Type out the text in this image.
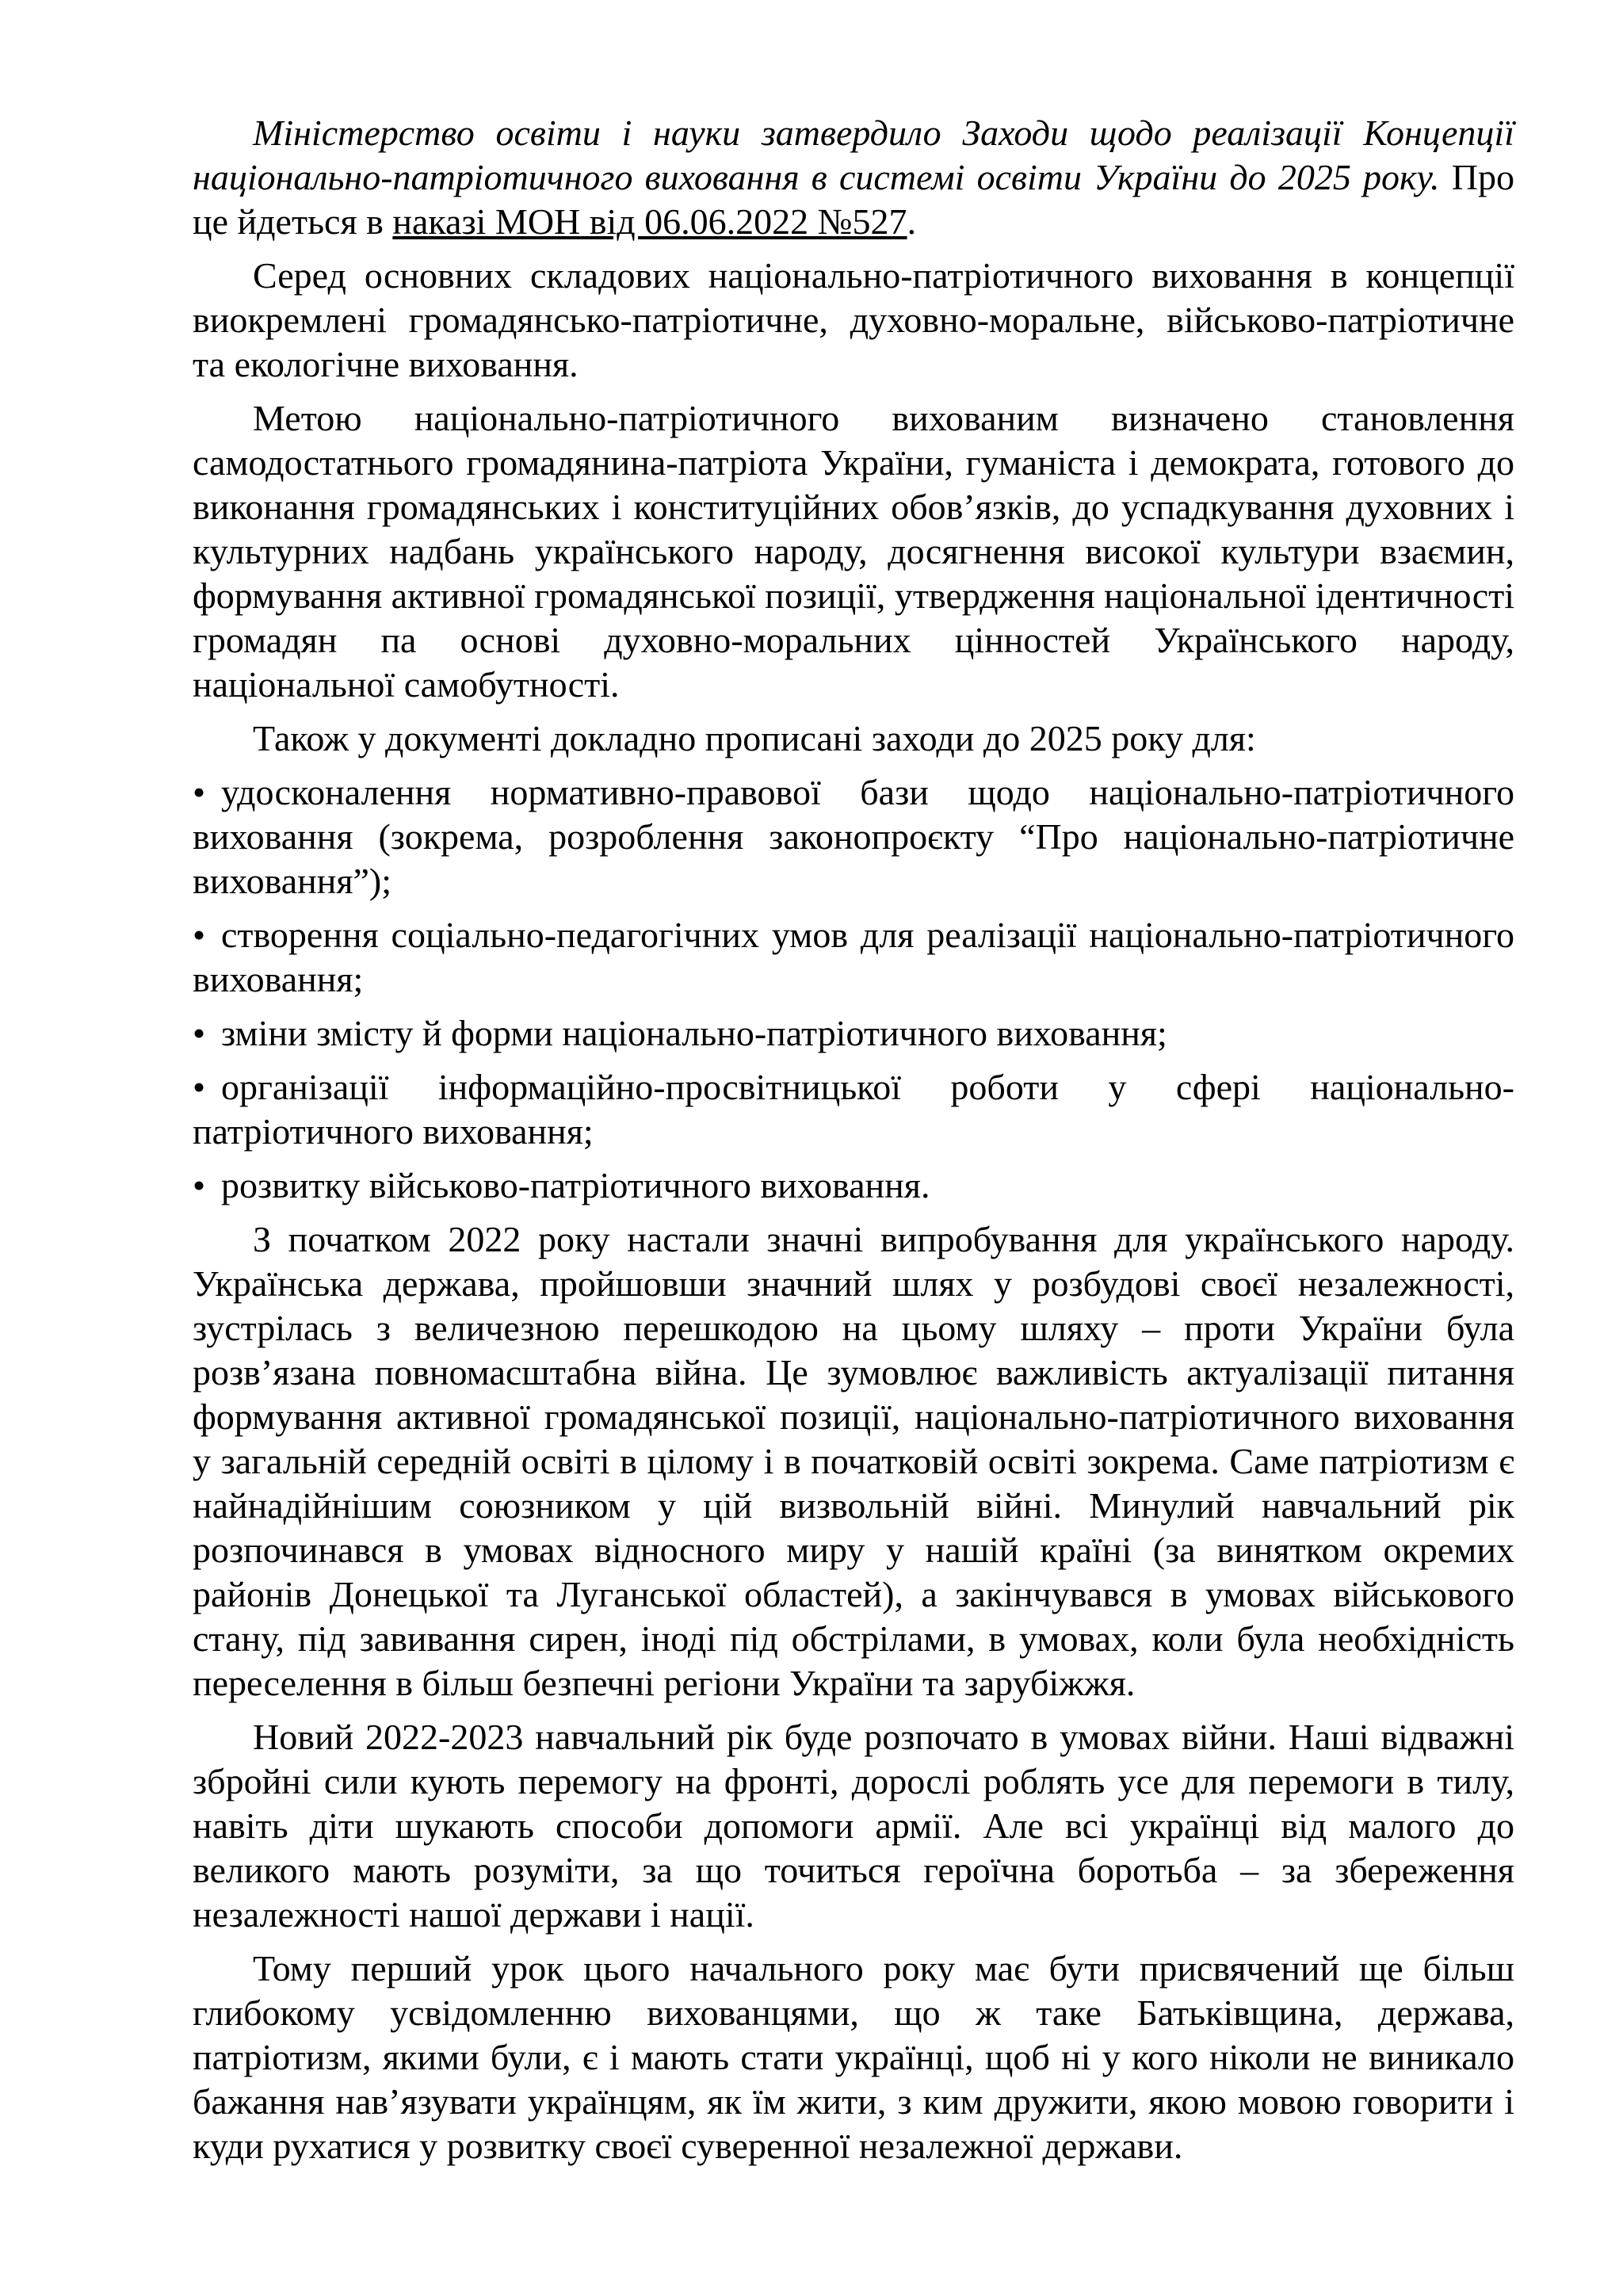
Міністерство освіти і науки затвердило Заходи щодо реалізації Концепції національно-патріотичного виховання в системі освіти України до 2025 року. Про це йдеться в наказі МОН від 06.06.2022 №527.

Серед основних складових національно-патріотичного виховання в концепції виокремлені громадянсько-патріотичне, духовно-моральне, військово-патріотичне та екологічне виховання.

Метою національно-патріотичного вихованим визначено становлення самодостатнього громадянина-патріота України, гуманіста і демократа, готового до виконання громадянських і конституційних обов’язків, до успадкування духовних і культурних надбань українського народу, досягнення високої культури взаємин, формування активної громадянської позиції, утвердження національної ідентичності громадян па основі духовно-моральних цінностей Українського народу, національної самобутності.

Також у документі докладно прописані заходи до 2025 року для:

• удосконалення нормативно-правової бази щодо національно-патріотичного виховання (зокрема, розроблення законопроєкту “Про національно-патріотичне виховання”);

• створення соціально-педагогічних умов для реалізації національно-патріотичного виховання;

• зміни змісту й форми національно-патріотичного виховання;

• організації інформаційно-просвітницької роботи у сфері національно-патріотичного виховання;

• розвитку військово-патріотичного виховання.

З початком 2022 року настали значні випробування для українського народу. Українська держава, пройшовши значний шлях у розбудові своєї незалежності, зустрілась з величезною перешкодою на цьому шляху – проти України була розв’язана повномасштабна війна. Це зумовлює важливість актуалізації питання формування активної громадянської позиції, національно-патріотичного виховання у загальній середній освіті в цілому і в початковій освіті зокрема. Саме патріотизм є найнадійнішим союзником у цій визвольній війні. Минулий навчальний рік розпочинався в умовах відносного миру у нашій країні (за винятком окремих районів Донецької та Луганської областей), а закінчувався в умовах військового стану, під завивання сирен, іноді під обстрілами, в умовах, коли була необхідність переселення в більш безпечні регіони України та зарубіжжя.

Новий 2022-2023 навчальний рік буде розпочато в умовах війни. Наші відважні збройні сили кують перемогу на фронті, дорослі роблять усе для перемоги в тилу, навіть діти шукають способи допомоги армії. Але всі українці від малого до великого мають розуміти, за що точиться героїчна боротьба – за збереження незалежності нашої держави і нації.

Тому перший урок цього начального року має бути присвячений ще більш глибокому усвідомленню вихованцями, що ж таке Батьківщина, держава, патріотизм, якими були, є і мають стати українці, щоб ні у кого ніколи не виникало бажання нав’язувати українцям, як їм жити, з ким дружити, якою мовою говорити і куди рухатися у розвитку своєї суверенної незалежної держави.
